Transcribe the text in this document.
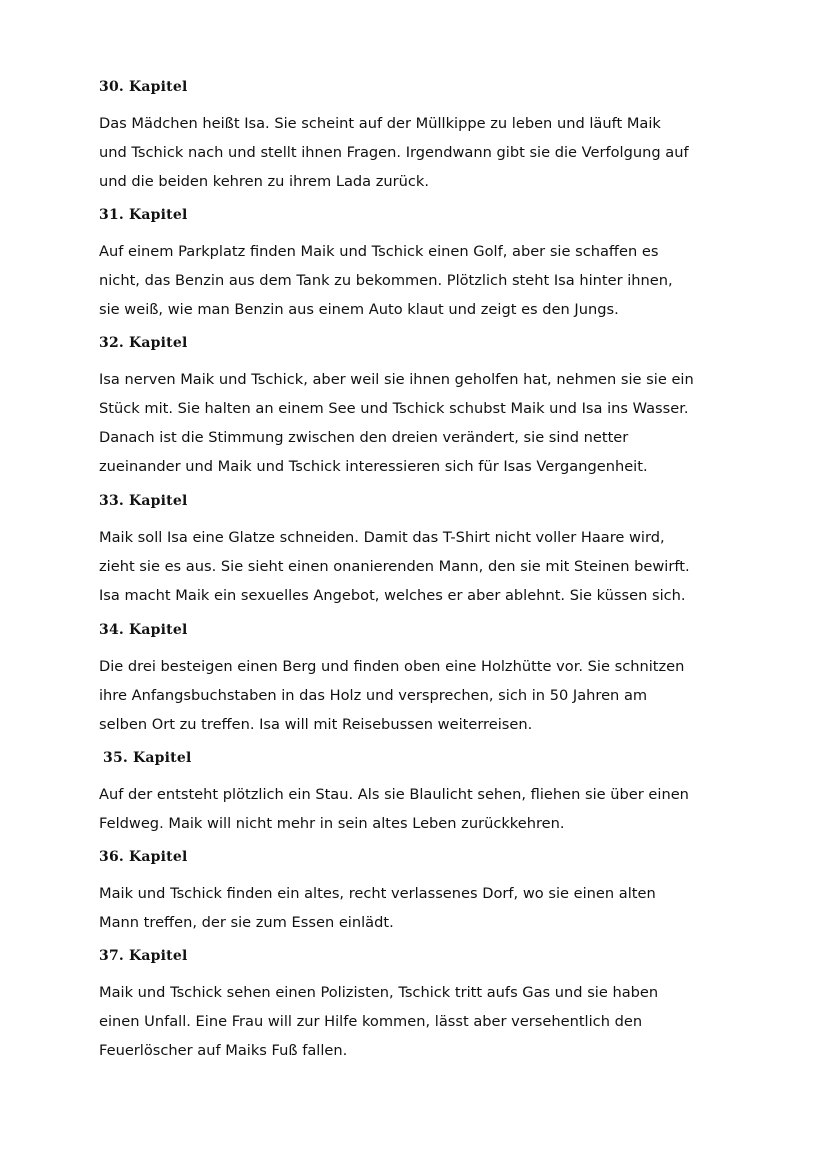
30. Kapitel

Das Mädchen heißt Isa. Sie scheint auf der Müllkippe zu leben und läuft Maik
und Tschick nach und stellt ihnen Fragen. Irgendwann gibt sie die Verfolgung auf
und die beiden kehren zu ihrem Lada zurück.

31. Kapitel

Auf einem Parkplatz finden Maik und Tschick einen Golf, aber sie schaffen es
nicht, das Benzin aus dem Tank zu bekommen. Plötzlich steht Isa hinter ihnen,
sie weiß, wie man Benzin aus einem Auto klaut und zeigt es den Jungs.

32. Kapitel

Isa nerven Maik und Tschick, aber weil sie ihnen geholfen hat, nehmen sie sie ein
Stück mit. Sie halten an einem See und Tschick schubst Maik und Isa ins Wasser.
Danach ist die Stimmung zwischen den dreien verändert, sie sind netter
zueinander und Maik und Tschick interessieren sich für Isas Vergangenheit.

33. Kapitel

Maik soll Isa eine Glatze schneiden. Damit das T-Shirt nicht voller Haare wird,
zieht sie es aus. Sie sieht einen onanierenden Mann, den sie mit Steinen bewirft.
Isa macht Maik ein sexuelles Angebot, welches er aber ablehnt. Sie küssen sich.

34. Kapitel

Die drei besteigen einen Berg und finden oben eine Holzhütte vor. Sie schnitzen
ihre Anfangsbuchstaben in das Holz und versprechen, sich in 50 Jahren am
selben Ort zu treffen. Isa will mit Reisebussen weiterreisen.

35. Kapitel

Auf der entsteht plötzlich ein Stau. Als sie Blaulicht sehen, fliehen sie über einen
Feldweg. Maik will nicht mehr in sein altes Leben zurückkehren.

36. Kapitel

Maik und Tschick finden ein altes, recht verlassenes Dorf, wo sie einen alten
Mann treffen, der sie zum Essen einlädt.

37. Kapitel

Maik und Tschick sehen einen Polizisten, Tschick tritt aufs Gas und sie haben
einen Unfall. Eine Frau will zur Hilfe kommen, lässt aber versehentlich den
Feuerlöscher auf Maiks Fuß fallen.
